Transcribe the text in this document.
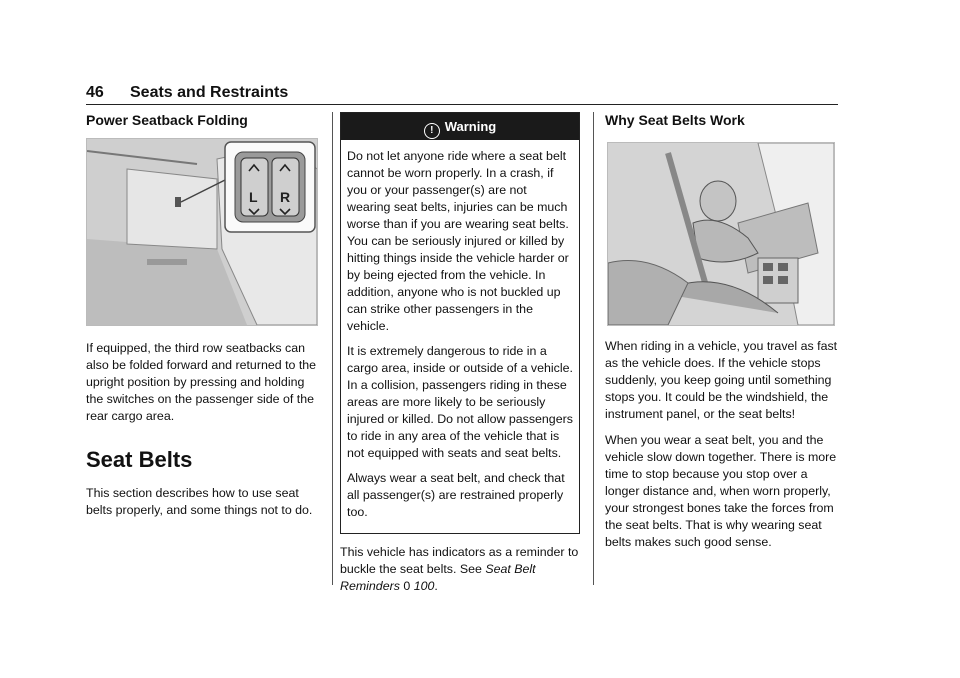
46 Seats and Restraints
Power Seatback Folding
L R

If equipped, the third row seatbacks can also be folded forward and returned to the upright position by pressing and holding the switches on the passenger side of the rear cargo area.

Seat Belts

This section describes how to use seat belts properly, and some things not to do.

! Warning

Do not let anyone ride where a seat belt cannot be worn properly. In a crash, if you or your passenger(s) are not wearing seat belts, injuries can be much worse than if you are wearing seat belts. You can be seriously injured or killed by hitting things inside the vehicle harder or by being ejected from the vehicle. In addition, anyone who is not buckled up can strike other passengers in the vehicle.

It is extremely dangerous to ride in a cargo area, inside or outside of a vehicle. In a collision, passengers riding in these areas are more likely to be seriously injured or killed. Do not allow passengers to ride in any area of the vehicle that is not equipped with seats and seat belts.

Always wear a seat belt, and check that all passenger(s) are restrained properly too.

This vehicle has indicators as a reminder to buckle the seat belts. See Seat Belt Reminders 0 100.

Why Seat Belts Work

When riding in a vehicle, you travel as fast as the vehicle does. If the vehicle stops suddenly, you keep going until something stops you. It could be the windshield, the instrument panel, or the seat belts!

When you wear a seat belt, you and the vehicle slow down together. There is more time to stop because you stop over a longer distance and, when worn properly, your strongest bones take the forces from the seat belts. That is why wearing seat belts makes such good sense.
